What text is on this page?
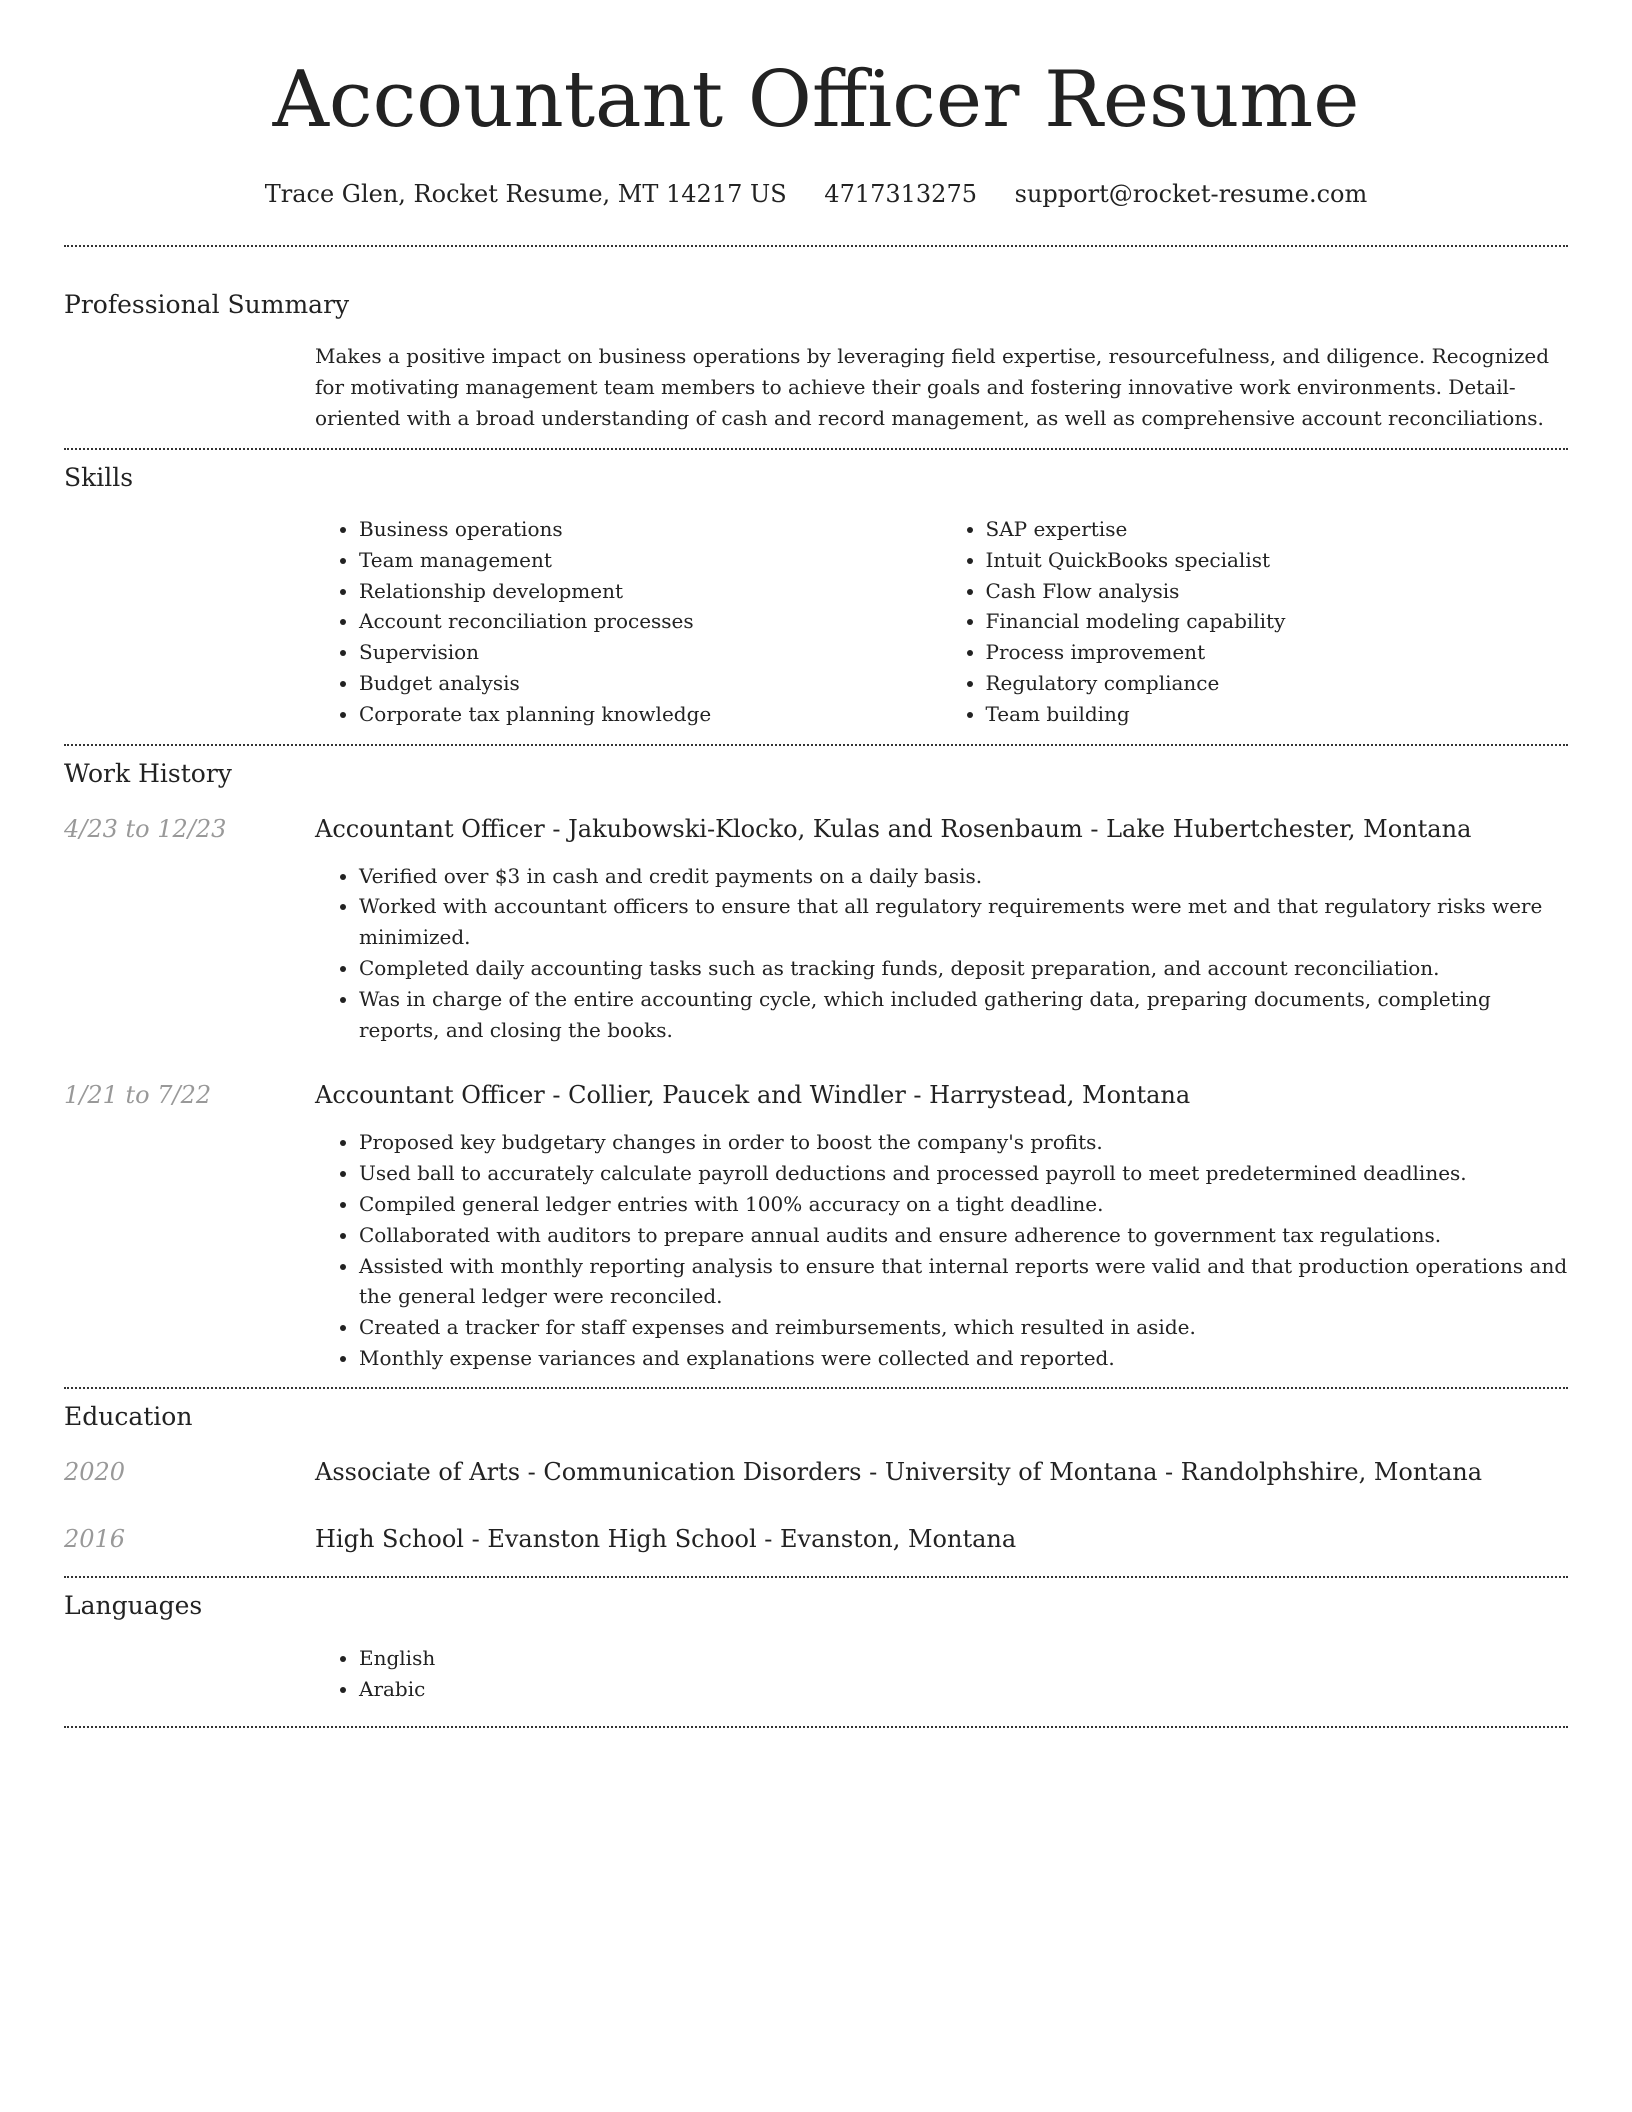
Accountant Officer Resume
Trace Glen, Rocket Resume, MT 14217 US 4717313275 support@rocket-resume.com
Professional Summary
Makes a positive impact on business operations by leveraging field expertise, resourcefulness, and diligence. Recognized for motivating management team members to achieve their goals and fostering innovative work environments. Detail-oriented with a broad understanding of cash and record management, as well as comprehensive account reconciliations.
Skills
• Business operations
• Team management
• Relationship development
• Account reconciliation processes
• Supervision
• Budget analysis
• Corporate tax planning knowledge
• SAP expertise
• Intuit QuickBooks specialist
• Cash Flow analysis
• Financial modeling capability
• Process improvement
• Regulatory compliance
• Team building
Work History
4/23 to 12/23	Accountant Officer - Jakubowski-Klocko, Kulas and Rosenbaum - Lake Hubertchester, Montana
• Verified over $3 in cash and credit payments on a daily basis.
• Worked with accountant officers to ensure that all regulatory requirements were met and that regulatory risks were minimized.
• Completed daily accounting tasks such as tracking funds, deposit preparation, and account reconciliation.
• Was in charge of the entire accounting cycle, which included gathering data, preparing documents, completing reports, and closing the books.
1/21 to 7/22	Accountant Officer - Collier, Paucek and Windler - Harrystead, Montana
• Proposed key budgetary changes in order to boost the company's profits.
• Used ball to accurately calculate payroll deductions and processed payroll to meet predetermined deadlines.
• Compiled general ledger entries with 100% accuracy on a tight deadline.
• Collaborated with auditors to prepare annual audits and ensure adherence to government tax regulations.
• Assisted with monthly reporting analysis to ensure that internal reports were valid and that production operations and the general ledger were reconciled.
• Created a tracker for staff expenses and reimbursements, which resulted in aside.
• Monthly expense variances and explanations were collected and reported.
Education
2020	Associate of Arts - Communication Disorders - University of Montana - Randolphshire, Montana
2016	High School - Evanston High School - Evanston, Montana
Languages
• English
• Arabic
